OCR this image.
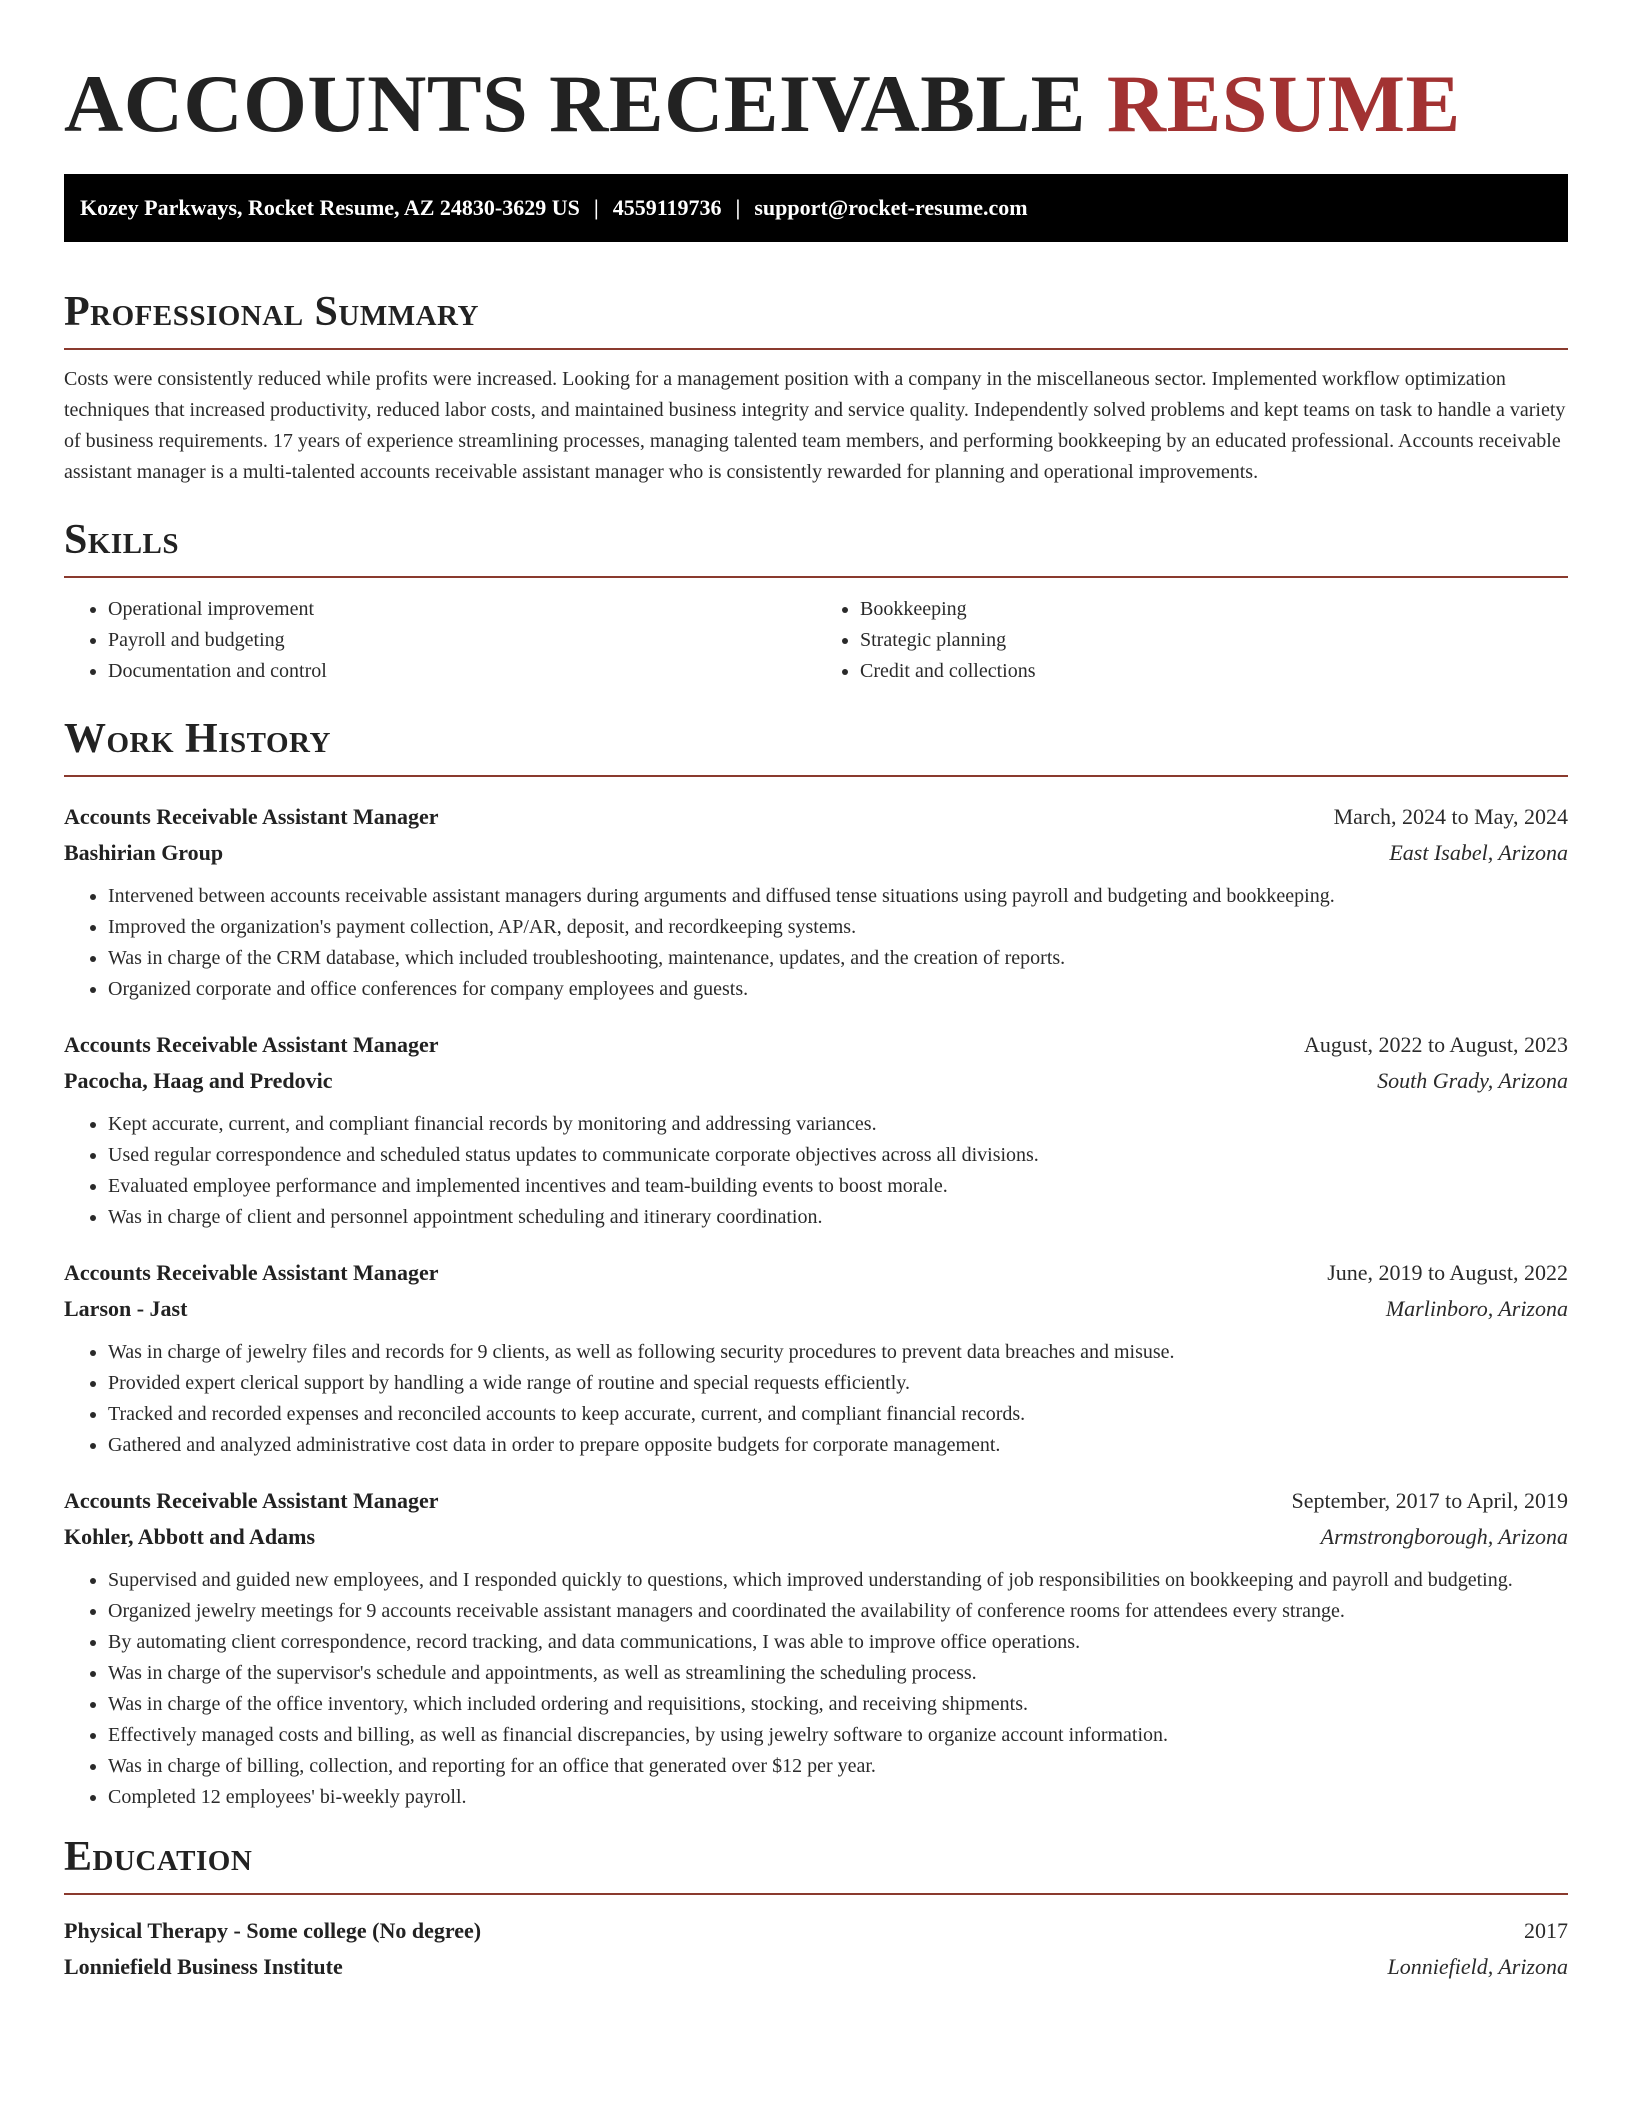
ACCOUNTS RECEIVABLE RESUME
Kozey Parkways, Rocket Resume, AZ 24830-3629 US | 4559119736 | support@rocket-resume.com
Professional Summary

Costs were consistently reduced while profits were increased. Looking for a management position with a company in the miscellaneous sector. Implemented workflow optimization techniques that increased productivity, reduced labor costs, and maintained business integrity and service quality. Independently solved problems and kept teams on task to handle a variety of business requirements. 17 years of experience streamlining processes, managing talented team members, and performing bookkeeping by an educated professional. Accounts receivable assistant manager is a multi-talented accounts receivable assistant manager who is consistently rewarded for planning and operational improvements.

Skills
• Operational improvement
• Payroll and budgeting
• Documentation and control
• Bookkeeping
• Strategic planning
• Credit and collections
Work History
Accounts Receivable Assistant Manager	March, 2024 to May, 2024
Bashirian Group	East Isabel, Arizona
• Intervened between accounts receivable assistant managers during arguments and diffused tense situations using payroll and budgeting and bookkeeping.
• Improved the organization's payment collection, AP/AR, deposit, and recordkeeping systems.
• Was in charge of the CRM database, which included troubleshooting, maintenance, updates, and the creation of reports.
• Organized corporate and office conferences for company employees and guests.
Accounts Receivable Assistant Manager	August, 2022 to August, 2023
Pacocha, Haag and Predovic	South Grady, Arizona
• Kept accurate, current, and compliant financial records by monitoring and addressing variances.
• Used regular correspondence and scheduled status updates to communicate corporate objectives across all divisions.
• Evaluated employee performance and implemented incentives and team-building events to boost morale.
• Was in charge of client and personnel appointment scheduling and itinerary coordination.
Accounts Receivable Assistant Manager	June, 2019 to August, 2022
Larson - Jast	Marlinboro, Arizona
• Was in charge of jewelry files and records for 9 clients, as well as following security procedures to prevent data breaches and misuse.
• Provided expert clerical support by handling a wide range of routine and special requests efficiently.
• Tracked and recorded expenses and reconciled accounts to keep accurate, current, and compliant financial records.
• Gathered and analyzed administrative cost data in order to prepare opposite budgets for corporate management.
Accounts Receivable Assistant Manager	September, 2017 to April, 2019
Kohler, Abbott and Adams	Armstrongborough, Arizona
• Supervised and guided new employees, and I responded quickly to questions, which improved understanding of job responsibilities on bookkeeping and payroll and budgeting.
• Organized jewelry meetings for 9 accounts receivable assistant managers and coordinated the availability of conference rooms for attendees every strange.
• By automating client correspondence, record tracking, and data communications, I was able to improve office operations.
• Was in charge of the supervisor's schedule and appointments, as well as streamlining the scheduling process.
• Was in charge of the office inventory, which included ordering and requisitions, stocking, and receiving shipments.
• Effectively managed costs and billing, as well as financial discrepancies, by using jewelry software to organize account information.
• Was in charge of billing, collection, and reporting for an office that generated over $12 per year.
• Completed 12 employees' bi-weekly payroll.
Education
Physical Therapy - Some college (No degree)	2017
Lonniefield Business Institute	Lonniefield, Arizona
